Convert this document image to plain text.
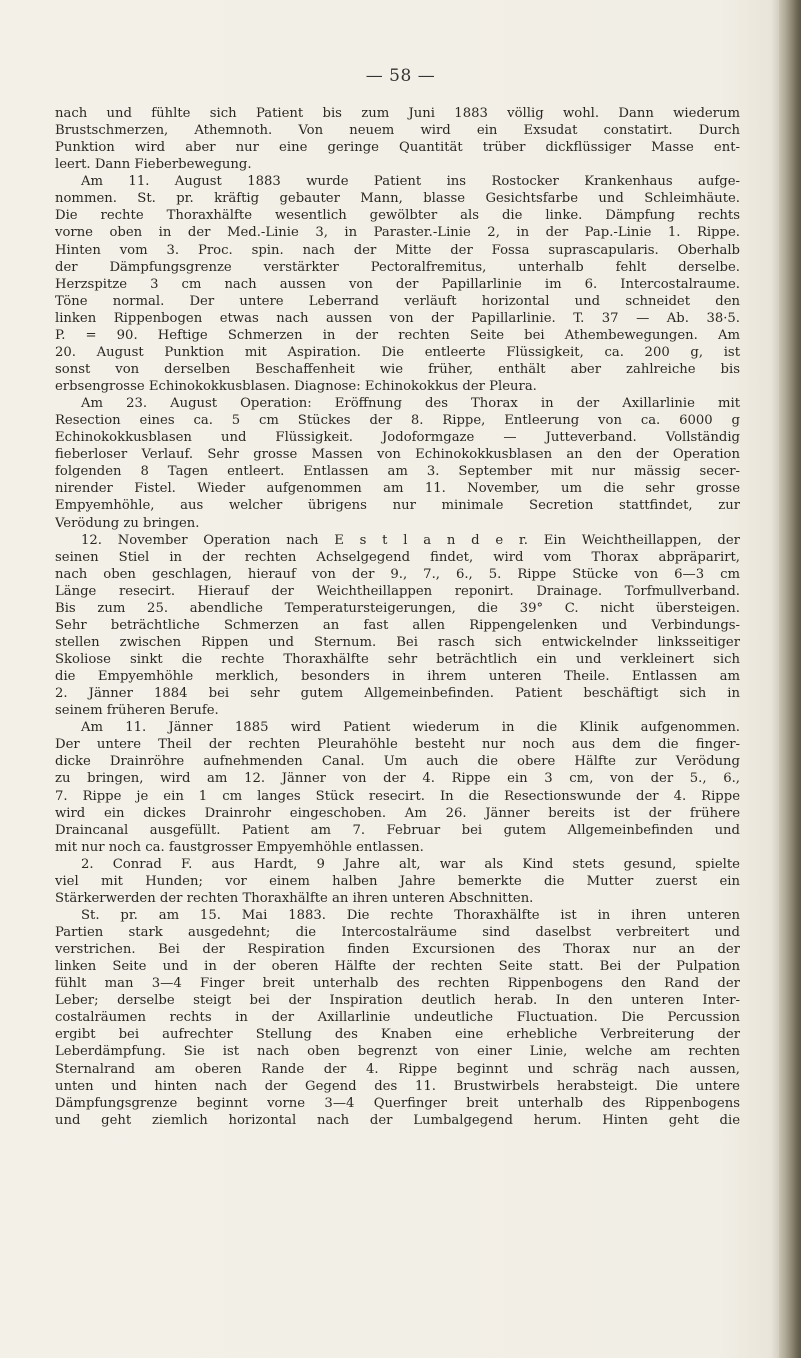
— 58 —
nach und fühlte sich Patient bis zum Juni 1883 völlig wohl. Dann wiederum
Brustschmerzen, Athemnoth. Von neuem wird ein Exsudat constatirt. Durch
Punktion wird aber nur eine geringe Quantität trüber dickflüssiger Masse ent-
leert. Dann Fieberbewegung.
Am 11. August 1883 wurde Patient ins Rostocker Krankenhaus aufge-
nommen. St. pr. kräftig gebauter Mann, blasse Gesichtsfarbe und Schleimhäute.
Die rechte Thoraxhälfte wesentlich gewölbter als die linke. Dämpfung rechts
vorne oben in der Med.-Linie 3, in Paraster.-Linie 2, in der Pap.-Linie 1. Rippe.
Hinten vom 3. Proc. spin. nach der Mitte der Fossa suprascapularis. Oberhalb
der Dämpfungsgrenze verstärkter Pectoralfremitus, unterhalb fehlt derselbe.
Herzspitze 3 cm nach aussen von der Papillarlinie im 6. Intercostalraume.
Töne normal. Der untere Leberrand verläuft horizontal und schneidet den
linken Rippenbogen etwas nach aussen von der Papillarlinie. T. 37 — Ab. 38·5.
P. = 90. Heftige Schmerzen in der rechten Seite bei Athembewegungen. Am
20. August Punktion mit Aspiration. Die entleerte Flüssigkeit, ca. 200 g, ist
sonst von derselben Beschaffenheit wie früher, enthält aber zahlreiche bis
erbsengrosse Echinokokkusblasen. Diagnose: Echinokokkus der Pleura.
Am 23. August Operation: Eröffnung des Thorax in der Axillarlinie mit
Resection eines ca. 5 cm Stückes der 8. Rippe, Entleerung von ca. 6000 g
Echinokokkusblasen und Flüssigkeit. Jodoformgaze — Jutteverband. Vollständig
fieberloser Verlauf. Sehr grosse Massen von Echinokokkusblasen an den der Operation
folgenden 8 Tagen entleert. Entlassen am 3. September mit nur mässig secer-
nirender Fistel. Wieder aufgenommen am 11. November, um die sehr grosse
Empyemhöhle, aus welcher übrigens nur minimale Secretion stattfindet, zur
Verödung zu bringen.
12. November Operation nach E s t l a n d e r. Ein Weichtheillappen, der
seinen Stiel in der rechten Achselgegend findet, wird vom Thorax abpräparirt,
nach oben geschlagen, hierauf von der 9., 7., 6., 5. Rippe Stücke von 6—3 cm
Länge resecirt. Hierauf der Weichtheillappen reponirt. Drainage. Torfmullverband.
Bis zum 25. abendliche Temperatursteigerungen, die 39° C. nicht übersteigen.
Sehr beträchtliche Schmerzen an fast allen Rippengelenken und Verbindungs-
stellen zwischen Rippen und Sternum. Bei rasch sich entwickelnder linksseitiger
Skoliose sinkt die rechte Thoraxhälfte sehr beträchtlich ein und verkleinert sich
die Empyemhöhle merklich, besonders in ihrem unteren Theile. Entlassen am
2. Jänner 1884 bei sehr gutem Allgemeinbefinden. Patient beschäftigt sich in
seinem früheren Berufe.
Am 11. Jänner 1885 wird Patient wiederum in die Klinik aufgenommen.
Der untere Theil der rechten Pleurahöhle besteht nur noch aus dem die finger-
dicke Drainröhre aufnehmenden Canal. Um auch die obere Hälfte zur Verödung
zu bringen, wird am 12. Jänner von der 4. Rippe ein 3 cm, von der 5., 6.,
7. Rippe je ein 1 cm langes Stück resecirt. In die Resectionswunde der 4. Rippe
wird ein dickes Drainrohr eingeschoben. Am 26. Jänner bereits ist der frühere
Draincanal ausgefüllt. Patient am 7. Februar bei gutem Allgemeinbefinden und
mit nur noch ca. faustgrosser Empyemhöhle entlassen.
2. Conrad F. aus Hardt, 9 Jahre alt, war als Kind stets gesund, spielte
viel mit Hunden; vor einem halben Jahre bemerkte die Mutter zuerst ein
Stärkerwerden der rechten Thoraxhälfte an ihren unteren Abschnitten.
St. pr. am 15. Mai 1883. Die rechte Thoraxhälfte ist in ihren unteren
Partien stark ausgedehnt; die Intercostalräume sind daselbst verbreitert und
verstrichen. Bei der Respiration finden Excursionen des Thorax nur an der
linken Seite und in der oberen Hälfte der rechten Seite statt. Bei der Pulpation
fühlt man 3—4 Finger breit unterhalb des rechten Rippenbogens den Rand der
Leber; derselbe steigt bei der Inspiration deutlich herab. In den unteren Inter-
costalräumen rechts in der Axillarlinie undeutliche Fluctuation. Die Percussion
ergibt bei aufrechter Stellung des Knaben eine erhebliche Verbreiterung der
Leberdämpfung. Sie ist nach oben begrenzt von einer Linie, welche am rechten
Sternalrand am oberen Rande der 4. Rippe beginnt und schräg nach aussen,
unten und hinten nach der Gegend des 11. Brustwirbels herabsteigt. Die untere
Dämpfungsgrenze beginnt vorne 3—4 Querfinger breit unterhalb des Rippenbogens
und geht ziemlich horizontal nach der Lumbalgegend herum. Hinten geht die
